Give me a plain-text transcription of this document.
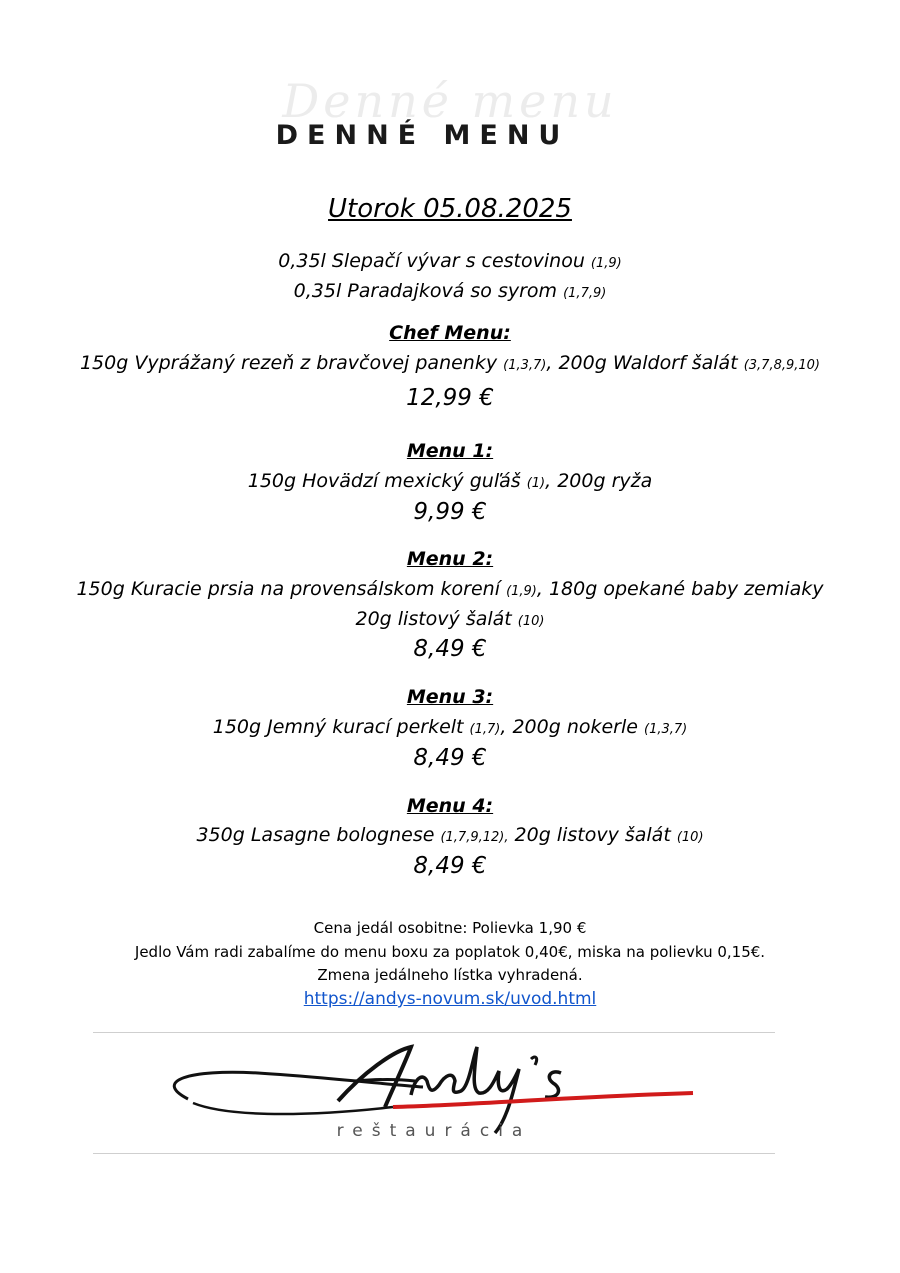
Denné menu
DENNÉ MENU
Utorok 05.08.2025
0,35l Slepačí vývar s cestovinou (1,9)
0,35l Paradajková so syrom (1,7,9)
Chef Menu:
150g Vyprážaný rezeň z bravčovej panenky (1,3,7), 200g Waldorf šalát (3,7,8,9,10)
12,99 €
Menu 1:
150g Hovädzí mexický guľáš (1), 200g ryža
9,99 €
Menu 2:
150g Kuracie prsia na provensálskom korení (1,9), 180g opekané baby zemiaky
20g listový šalát (10)
8,49 €
Menu 3:
150g Jemný kurací perkelt (1,7), 200g nokerle (1,3,7)
8,49 €
Menu 4:
350g Lasagne bolognese (1,7,9,12), 20g listovy šalát (10)
8,49 €
Cena jedál osobitne: Polievka 1,90 €
Jedlo Vám radi zabalíme do menu boxu za poplatok 0,40€, miska na polievku 0,15€.
Zmena jedálneho lístka vyhradená.
https://andys-novum.sk/uvod.html
reštaurácia
